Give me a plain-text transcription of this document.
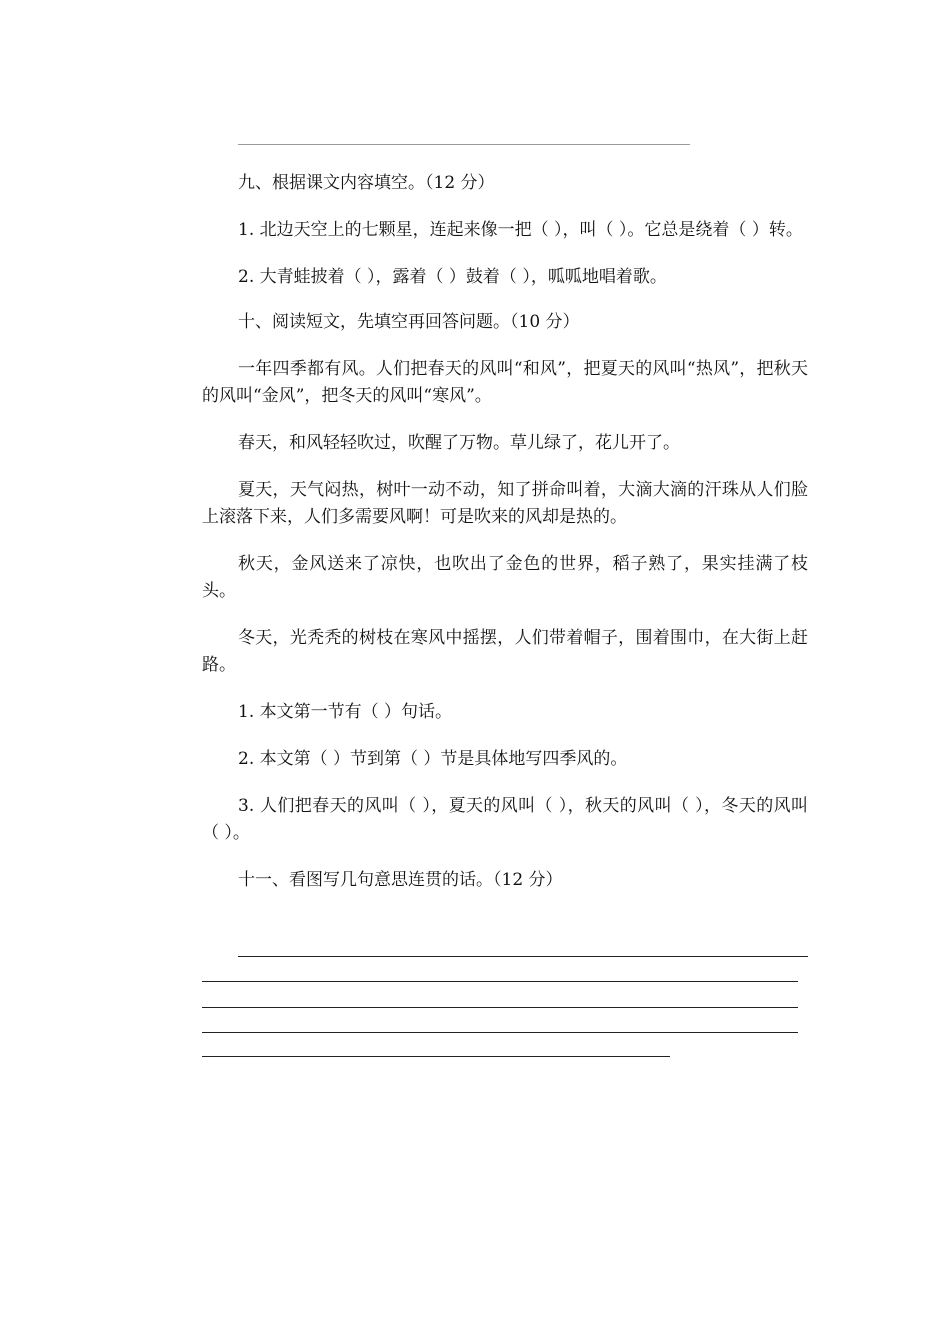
九、根据课文内容填空。（12 分）

1. 北边天空上的七颗星，连起来像一把（ ），叫（ ）。它总是绕着（ ）转。

2. 大青蛙披着（ ），露着（ ）鼓着（ ），呱呱地唱着歌。

十、阅读短文，先填空再回答问题。（10 分）

一年四季都有风。人们把春天的风叫“和风”，把夏天的风叫“热风”，把秋天的风叫“金风”，把冬天的风叫“寒风”。

春天，和风轻轻吹过，吹醒了万物。草儿绿了，花儿开了。

夏天，天气闷热，树叶一动不动，知了拼命叫着，大滴大滴的汗珠从人们脸上滚落下来，人们多需要风啊！可是吹来的风却是热的。

秋天，金风送来了凉快，也吹出了金色的世界，稻子熟了，果实挂满了枝头。

冬天，光秃秃的树枝在寒风中摇摆，人们带着帽子，围着围巾，在大街上赶路。

1. 本文第一节有（ ）句话。

2. 本文第（ ）节到第（ ）节是具体地写四季风的。

3. 人们把春天的风叫（ ），夏天的风叫（ ），秋天的风叫（ ），冬天的风叫（ ）。

十一、看图写几句意思连贯的话。（12 分）
